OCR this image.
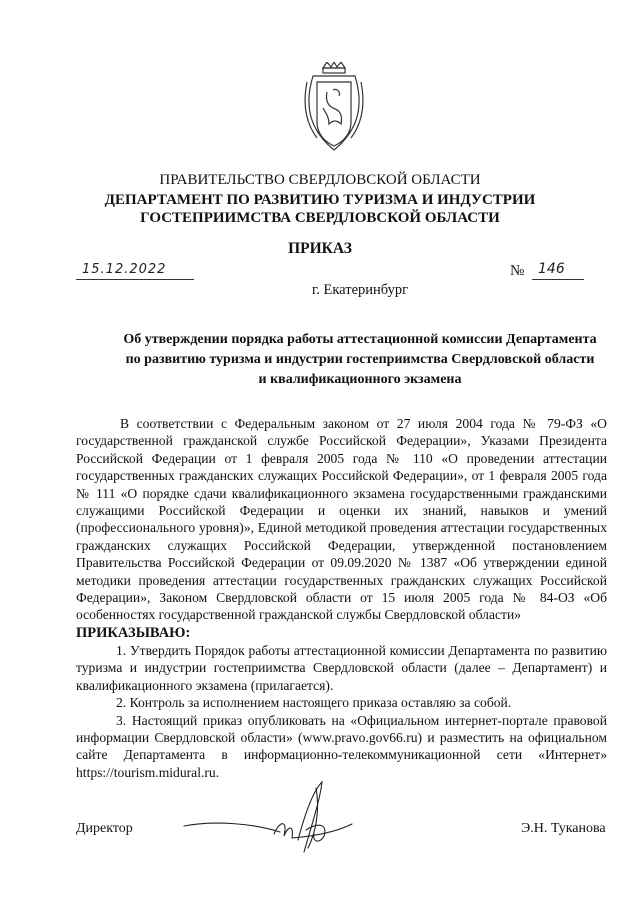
ПРАВИТЕЛЬСТВО СВЕРДЛОВСКОЙ ОБЛАСТИ
ДЕПАРТАМЕНТ ПО РАЗВИТИЮ ТУРИЗМА И ИНДУСТРИИ
ГОСТЕПРИИМСТВА СВЕРДЛОВСКОЙ ОБЛАСТИ
ПРИКАЗ
15.12.2022	№ 146
г. Екатеринбург
Об утверждении порядка работы аттестационной комиссии Департамента
по развитию туризма и индустрии гостеприимства Свердловской области
и квалификационного экзамена

В соответствии с Федеральным законом от 27 июля 2004 года № 79-ФЗ «О государственной гражданской службе Российской Федерации», Указами Президента Российской Федерации от 1 февраля 2005 года № 110 «О проведении аттестации государственных гражданских служащих Российской Федерации», от 1 февраля 2005 года № 111 «О порядке сдачи квалификационного экзамена государственными гражданскими служащими Российской Федерации и оценки их знаний, навыков и умений (профессионального уровня)», Единой методикой проведения аттестации государственных гражданских служащих Российской Федерации, утвержденной постановлением Правительства Российской Федерации от 09.09.2020 № 1387 «Об утверждении единой методики проведения аттестации государственных гражданских служащих Российской Федерации», Законом Свердловской области от 15 июля 2005 года № 84-ОЗ «Об особенностях государственной гражданской службы Свердловской области»

ПРИКАЗЫВАЮ:

1. Утвердить Порядок работы аттестационной комиссии Департамента по развитию туризма и индустрии гостеприимства Свердловской области (далее – Департамент) и квалификационного экзамена (прилагается).

2. Контроль за исполнением настоящего приказа оставляю за собой.

3. Настоящий приказ опубликовать на «Официальном интернет-портале правовой информации Свердловской области» (www.pravo.gov66.ru) и разместить на официальном сайте Департамента в информационно-телекоммуникационной сети «Интернет» https://tourism.midural.ru.

Директор	Э.Н. Туканова
